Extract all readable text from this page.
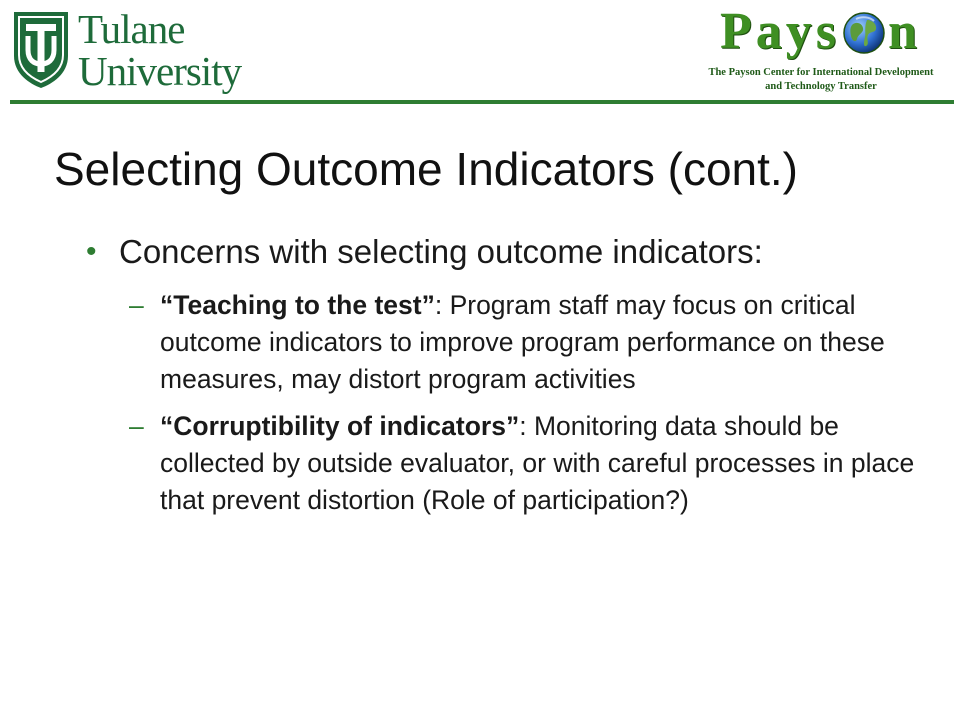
Tulane
University
Pays n
The Payson Center for International Development
and Technology Transfer
Selecting Outcome Indicators (cont.)
• Concerns with selecting outcome indicators:
– “Teaching to the test”: Program staff may focus on critical outcome indicators to improve program performance on these measures, may distort program activities
– “Corruptibility of indicators”: Monitoring data should be collected by outside evaluator, or with careful processes in place that prevent distortion (Role of participation?)
